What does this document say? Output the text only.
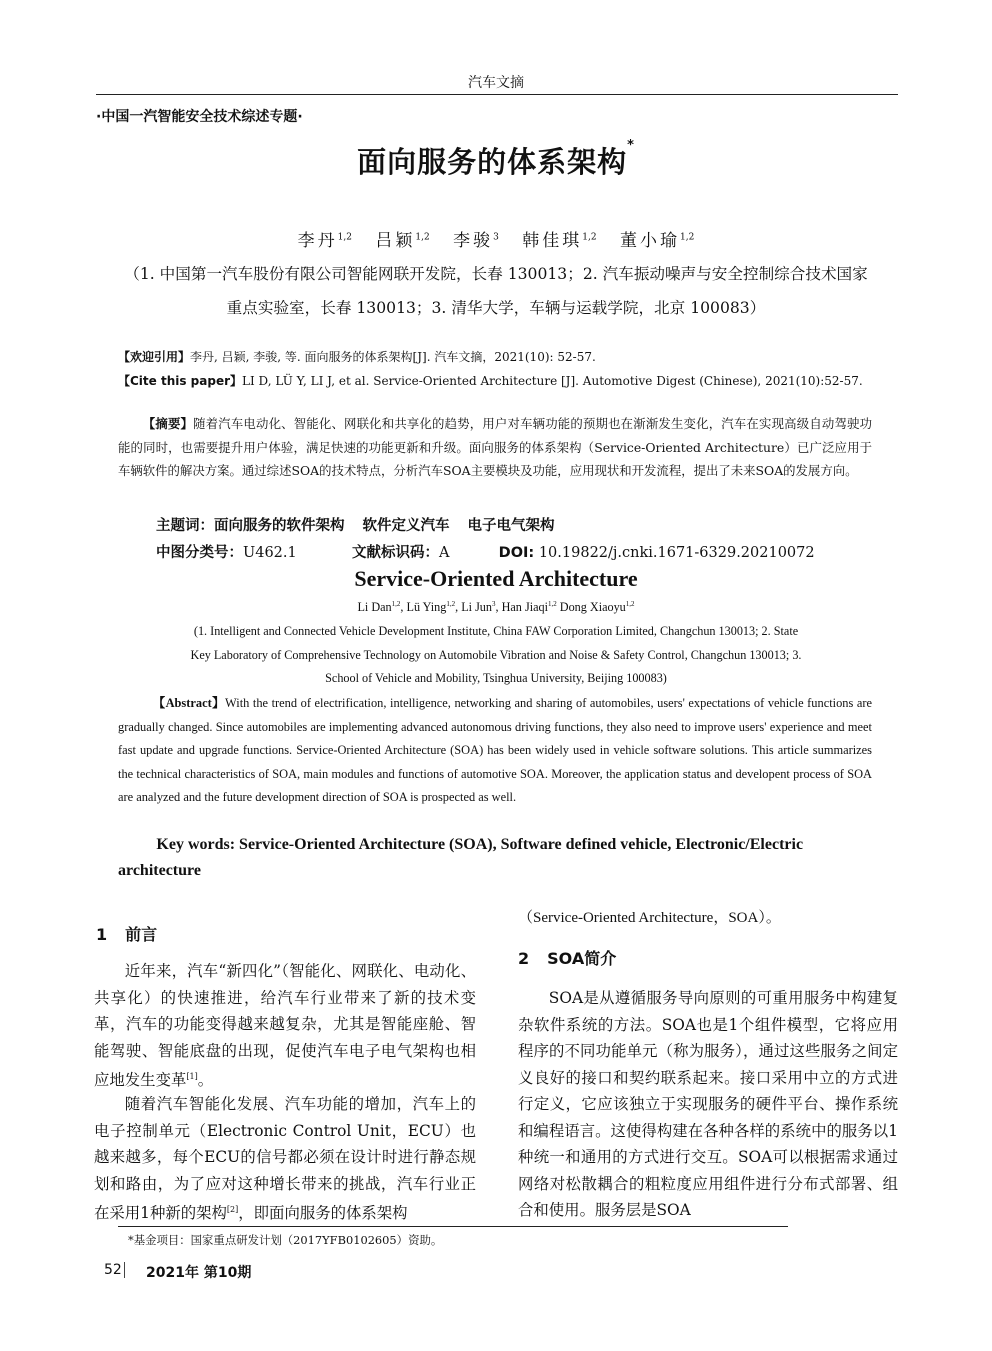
汽车文摘
·中国一汽智能安全技术综述专题·
面向服务的体系架构*
李丹$^{1,2}$ 吕颖$^{1,2}$ 李骏$^3$ 韩佳琪$^{1,2}$ 董小瑜$^{1,2}$
（1. 中国第一汽车股份有限公司智能网联开发院，长春 130013；2. 汽车振动噪声与安全控制综合技术国家
重点实验室，长春 130013；3. 清华大学，车辆与运载学院，北京 100083）
【欢迎引用】李丹, 吕颖, 李骏, 等. 面向服务的体系架构[J]. 汽车文摘，2021(10): 52-57.
【Cite this paper】LI D, LÜ Y, LI J, et al. Service-Oriented Architecture [J]. Automotive Digest (Chinese), 2021(10):52-57.
【摘要】随着汽车电动化、智能化、网联化和共享化的趋势，用户对车辆功能的预期也在渐渐发生变化，汽车在实现高级自动驾驶功能的同时，也需要提升用户体验，满足快速的功能更新和升级。面向服务的体系架构（Service-Oriented Architecture）已广泛应用于车辆软件的解决方案。通过综述SOA的技术特点，分析汽车SOA主要模块及功能，应用现状和开发流程，提出了未来SOA的发展方向。
主题词：面向服务的软件架构 软件定义汽车 电子电气架构
中图分类号：U462.1	文献标识码：A	DOI: 10.19822/j.cnki.1671-6329.20210072
Service-Oriented Architecture
Li Dan$^{1,2}$, Lü Ying$^{1,2}$, Li Jun$^3$, Han Jiaqi$^{1,2}$ Dong Xiaoyu$^{1,2}$
(1. Intelligent and Connected Vehicle Development Institute, China FAW Corporation Limited, Changchun 130013; 2. State
Key Laboratory of Comprehensive Technology on Automobile Vibration and Noise & Safety Control, Changchun 130013; 3.
School of Vehicle and Mobility, Tsinghua University, Beijing 100083)
【Abstract】With the trend of electrification, intelligence, networking and sharing of automobiles, users' expectations of vehicle functions are gradually changed. Since automobiles are implementing advanced autonomous driving functions, they also need to improve users' experience and meet fast update and upgrade functions. Service-Oriented Architecture (SOA) has been widely used in vehicle software solutions. This article summarizes the technical characteristics of SOA, main modules and functions of automotive SOA. Moreover, the application status and developent process of SOA are analyzed and the future development direction of SOA is prospected as well.
Key words: Service-Oriented Architecture (SOA), Software defined vehicle, Electronic/Electric architecture
1 前言
近年来，汽车“新四化”（智能化、网联化、电动化、共享化）的快速推进，给汽车行业带来了新的技术变革，汽车的功能变得越来越复杂，尤其是智能座舱、智能驾驶、智能底盘的出现，促使汽车电子电气架构也相应地发生变革[1]。
随着汽车智能化发展、汽车功能的增加，汽车上的电子控制单元（Electronic Control Unit，ECU）也越来越多，每个ECU的信号都必须在设计时进行静态规划和路由，为了应对这种增长带来的挑战，汽车行业正在采用1种新的架构[2]，即面向服务的体系架构
（Service-Oriented Architecture，SOA）。
2 SOA简介
SOA是从遵循服务导向原则的可重用服务中构建复杂软件系统的方法。SOA也是1个组件模型，它将应用程序的不同功能单元（称为服务），通过这些服务之间定义良好的接口和契约联系起来。接口采用中立的方式进行定义，它应该独立于实现服务的硬件平台、操作系统和编程语言。这使得构建在各种各样的系统中的服务以1种统一和通用的方式进行交互。SOA可以根据需求通过网络对松散耦合的粗粒度应用组件进行分布式部署、组合和使用。服务层是SOA
*基金项目：国家重点研发计划（2017YFB0102605）资助。
52 2021年 第10期
